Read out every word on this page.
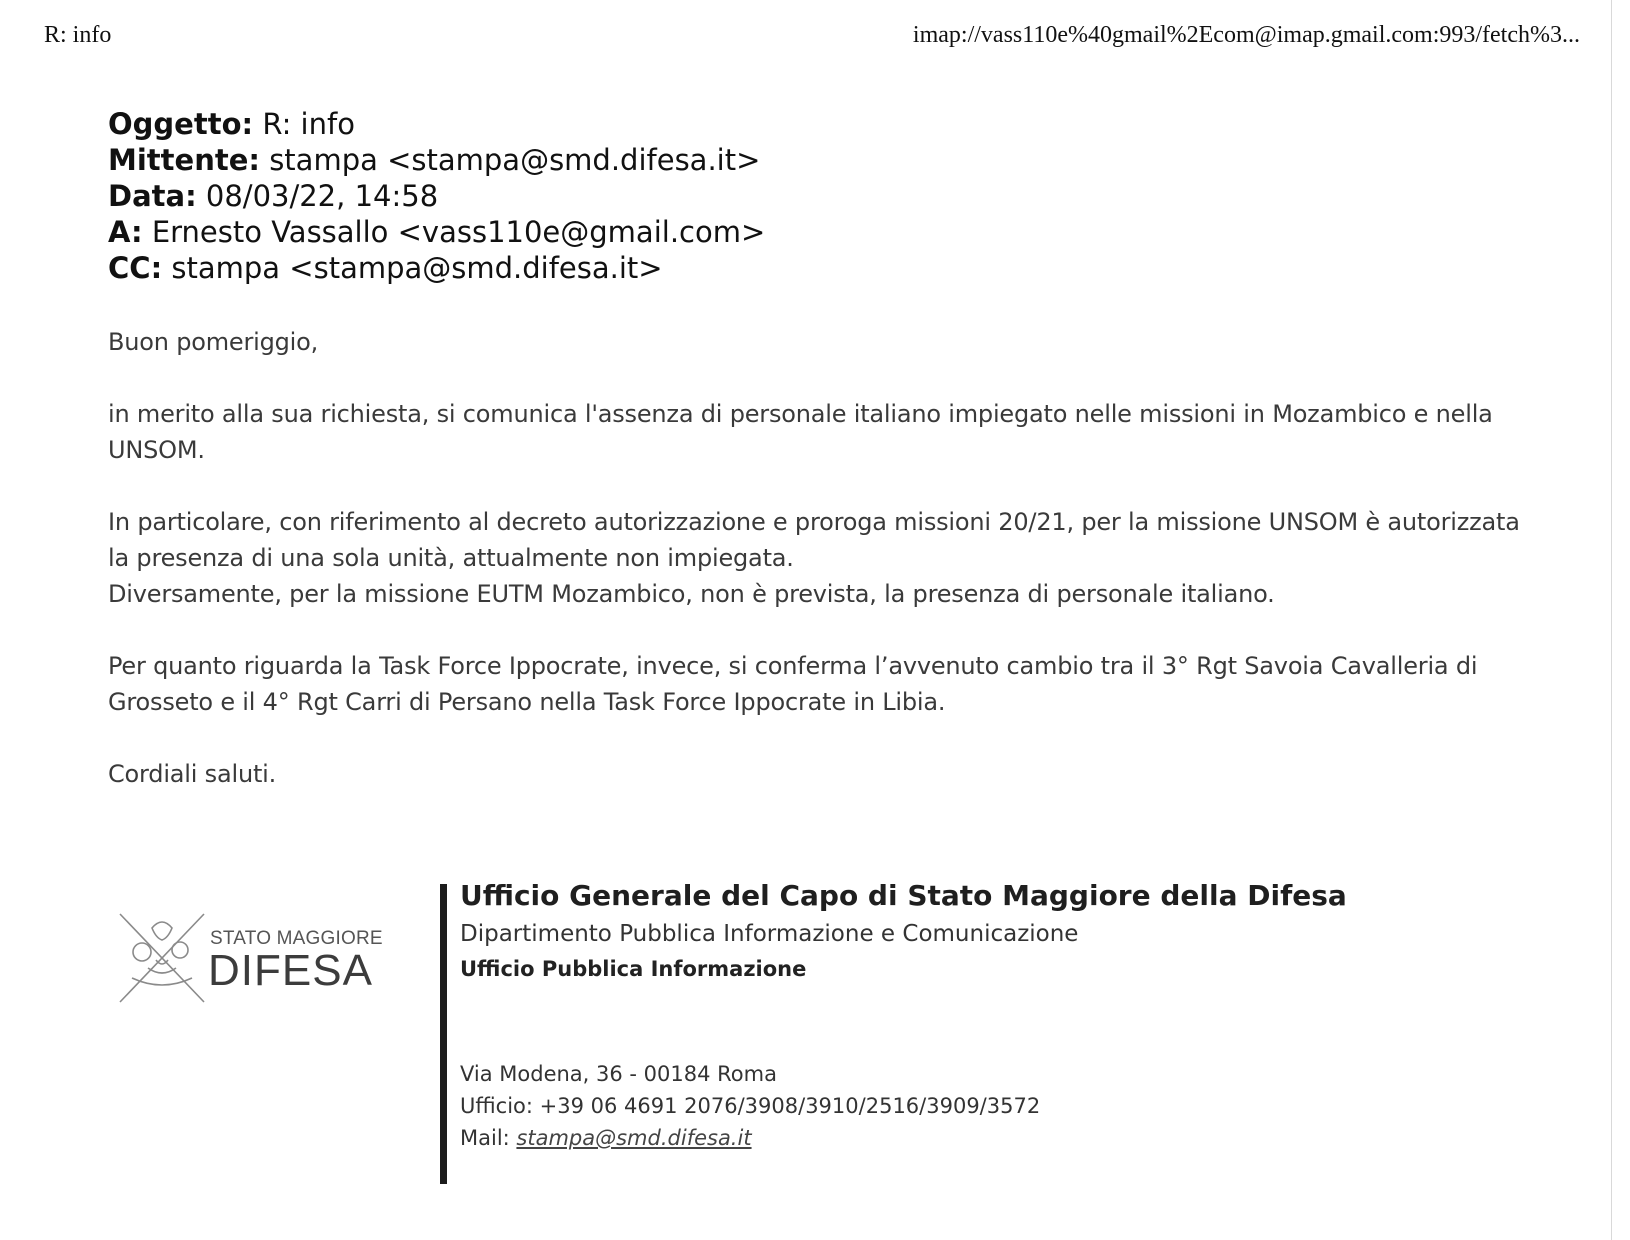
R: info	imap://vass110e%40gmail%2Ecom@imap.gmail.com:993/fetch%3...
Oggetto: R: info
Mittente: stampa <stampa@smd.difesa.it>
Data: 08/03/22, 14:58
A: Ernesto Vassallo <vass110e@gmail.com>
CC: stampa <stampa@smd.difesa.it>

Buon pomeriggio,

in merito alla sua richiesta, si comunica l'assenza di personale italiano impiegato nelle missioni in Mozambico e nella UNSOM.

In particolare, con riferimento al decreto autorizzazione e proroga missioni 20/21, per la missione UNSOM è autorizzata la presenza di una sola unità, attualmente non impiegata.

Diversamente, per la missione EUTM Mozambico, non è prevista, la presenza di personale italiano.

Per quanto riguarda la Task Force Ippocrate, invece, si conferma l’avvenuto cambio tra il 3° Rgt Savoia Cavalleria di Grosseto e il 4° Rgt Carri di Persano nella Task Force Ippocrate in Libia.

Cordiali saluti.

STATO MAGGIORE
DIFESA
Ufficio Generale del Capo di Stato Maggiore della Difesa
Dipartimento Pubblica Informazione e Comunicazione
Ufficio Pubblica Informazione
Via Modena, 36 - 00184 Roma
Ufficio: +39 06 4691 2076/3908/3910/2516/3909/3572
Mail: stampa@smd.difesa.it
